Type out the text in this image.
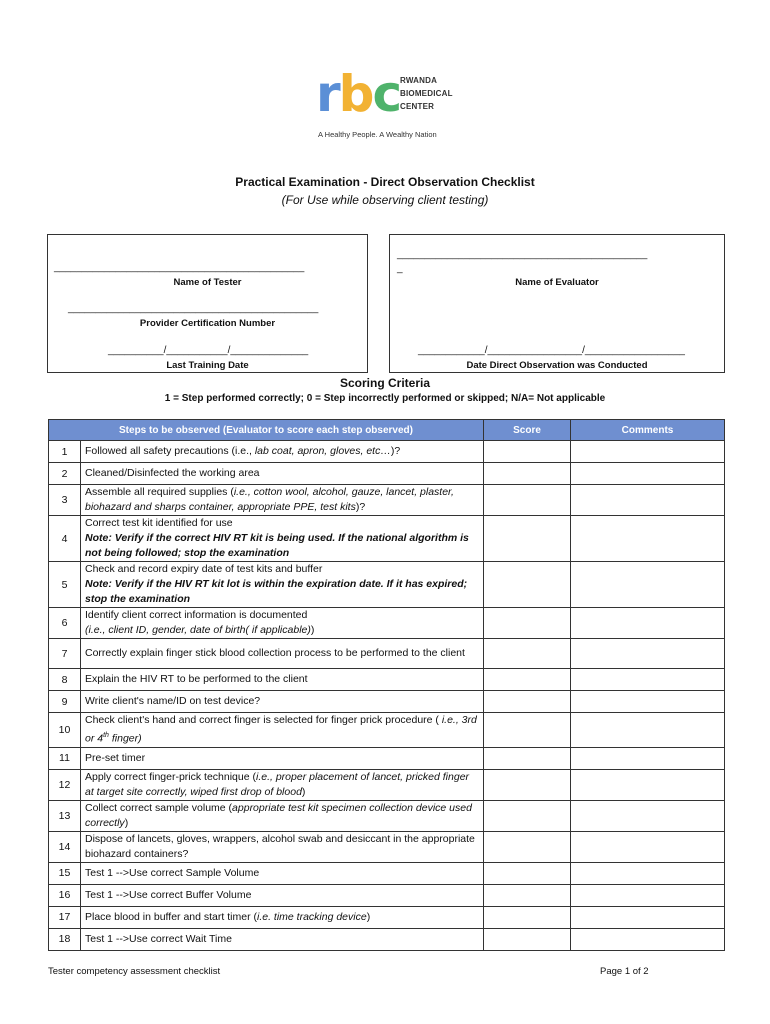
rbc RWANDA
BIOMEDICAL
CENTER
A Healthy People. A Wealthy Nation
Practical Examination - Direct Observation Checklist
(For Use while observing client testing)
_____________________________________________
Name of Tester
_____________________________________________
Provider Certification Number
__________/___________/______________
Last Training Date
_____________________________________________
_
Name of Evaluator
____________/_________________/__________________
Date Direct Observation was Conducted
Scoring Criteria
1 = Step performed correctly; 0 = Step incorrectly performed or skipped; N/A= Not applicable
Steps to be observed (Evaluator to score each step observed)		Score	Comments
1	Followed all safety precautions (i.e., lab coat, apron, gloves, etc…)?		
2	Cleaned/Disinfected the working area		
3	Assemble all required supplies (i.e., cotton wool, alcohol, gauze, lancet, plaster, biohazard and sharps container, appropriate PPE, test kits)?		
4	Correct test kit identified for use
Note: Verify if the correct HIV RT kit is being used. If the national algorithm is not being followed; stop the examination		
5	Check and record expiry date of test kits and buffer
Note: Verify if the HIV RT kit lot is within the expiration date. If it has expired; stop the examination		
6	Identify client correct information is documented
(i.e., client ID, gender, date of birth( if applicable))		
7	Correctly explain finger stick blood collection process to be performed to the client		
8	Explain the HIV RT to be performed to the client		
9	Write client's name/ID on test device?		
10	Check client's hand and correct finger is selected for finger prick procedure ( i.e., 3rd or 4th finger)		
11	Pre-set timer		
12	Apply correct finger-prick technique (i.e., proper placement of lancet, pricked finger at target site correctly, wiped first drop of blood)		
13	Collect correct sample volume (appropriate test kit specimen collection device used correctly)		
14	Dispose of lancets, gloves, wrappers, alcohol swab and desiccant in the appropriate biohazard containers?		
15	Test 1 -->Use correct Sample Volume		
16	Test 1 -->Use correct Buffer Volume		
17	Place blood in buffer and start timer (i.e. time tracking device)		
18	Test 1 -->Use correct Wait Time		
Tester competency assessment checklist	Page 1 of 2
